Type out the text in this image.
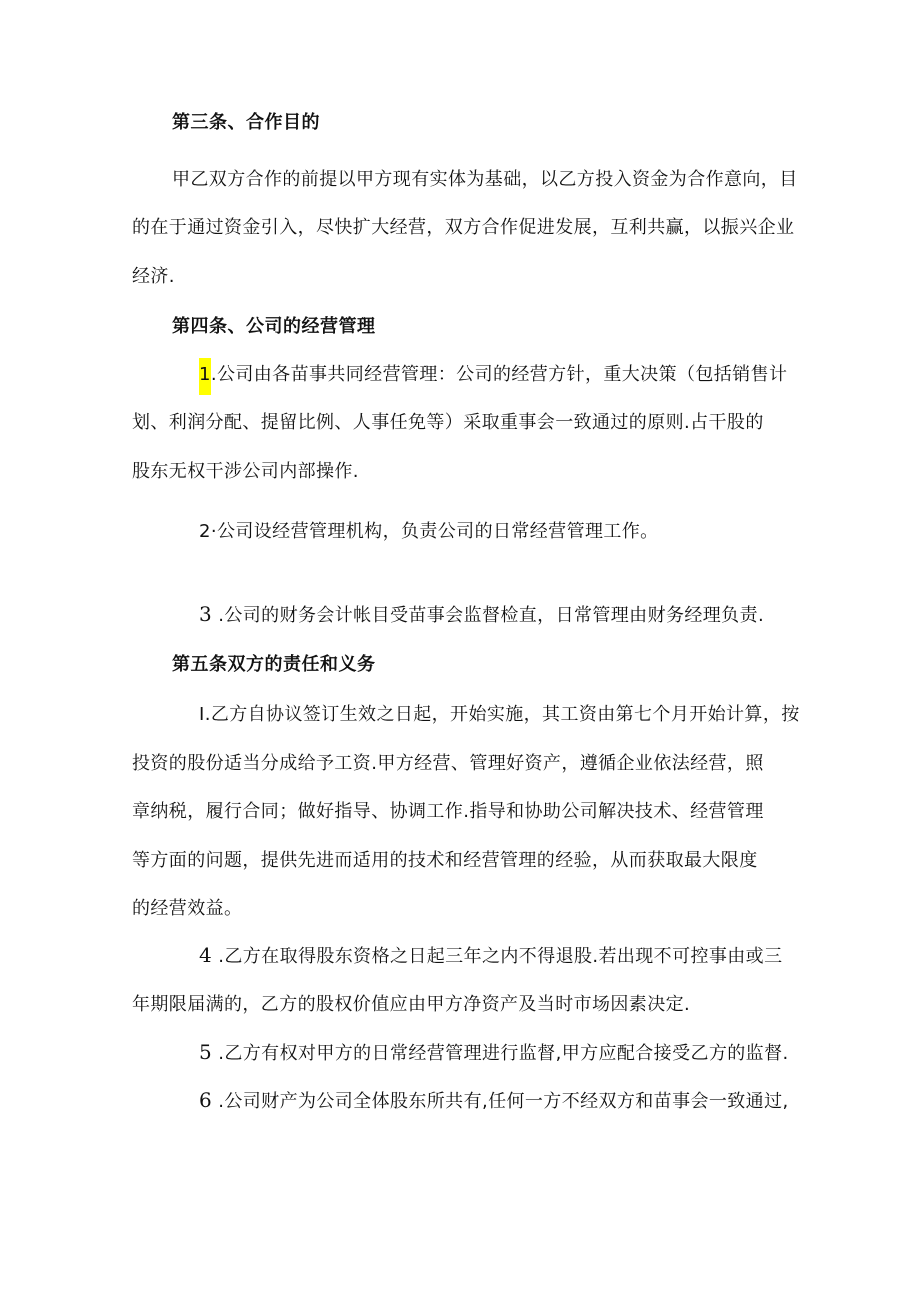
第三条、合作目的
甲乙双方合作的前提以甲方现有实体为基础，以乙方投入资金为合作意向，目
的在于通过资金引入，尽快扩大经营，双方合作促进发展，互利共赢，以振兴企业
经济.
第四条、公司的经营管理
1.公司由各苗事共同经营管理：公司的经营方针，重大决策（包括销售计
划、利润分配、提留比例、人事任免等）采取重事会一致通过的原则.占干股的
股东无权干涉公司内部操作.
2·公司设经营管理机构，负责公司的日常经营管理工作。
3 .公司的财务会计帐目受苗事会监督检直，日常管理由财务经理负责.
第五条双方的责任和义务
I.乙方自协议签订生效之日起，开始实施，其工资由第七个月开始计算，按
投资的股份适当分成给予工资.甲方经营、管理好资产，遵循企业依法经营，照
章纳税，履行合同；做好指导、协调工作.指导和协助公司解决技术、经营管理
等方面的问题，提供先进而适用的技术和经营管理的经验，从而获取最大限度
的经营效益。
4 .乙方在取得股东资格之日起三年之内不得退股.若出现不可控事由或三
年期限届满的，乙方的股权价值应由甲方净资产及当时市场因素决定.
5 .乙方有权对甲方的日常经营管理进行监督,甲方应配合接受乙方的监督.
6 .公司财产为公司全体股东所共有,任何一方不经双方和苗事会一致通过,
